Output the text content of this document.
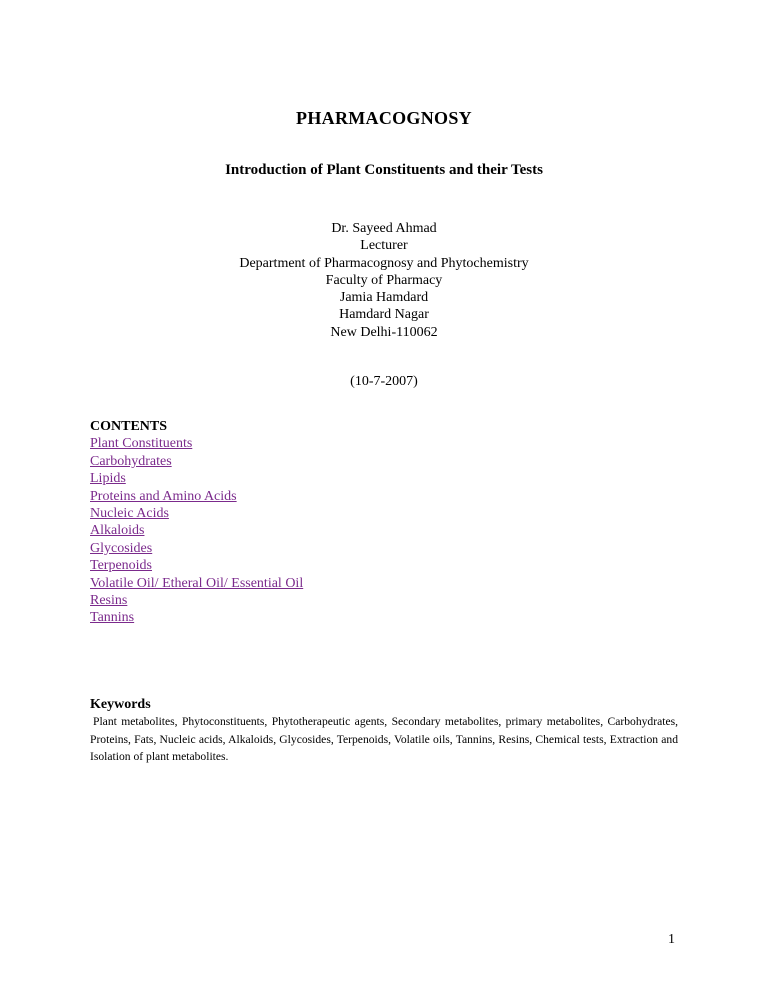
PHARMACOGNOSY
Introduction of Plant Constituents and their Tests
Dr. Sayeed Ahmad
Lecturer
Department of Pharmacognosy and Phytochemistry
Faculty of Pharmacy
Jamia Hamdard
Hamdard Nagar
New Delhi-110062
(10-7-2007)
CONTENTS
Plant Constituents
Carbohydrates
Lipids
Proteins and Amino Acids
Nucleic Acids
Alkaloids
Glycosides
Terpenoids
Volatile Oil/ Etheral Oil/ Essential Oil
Resins
Tannins
Keywords
Plant metabolites, Phytoconstituents, Phytotherapeutic agents, Secondary metabolites, primary metabolites, Carbohydrates, Proteins, Fats, Nucleic acids, Alkaloids, Glycosides, Terpenoids, Volatile oils, Tannins, Resins, Chemical tests, Extraction and Isolation of plant metabolites.
1
